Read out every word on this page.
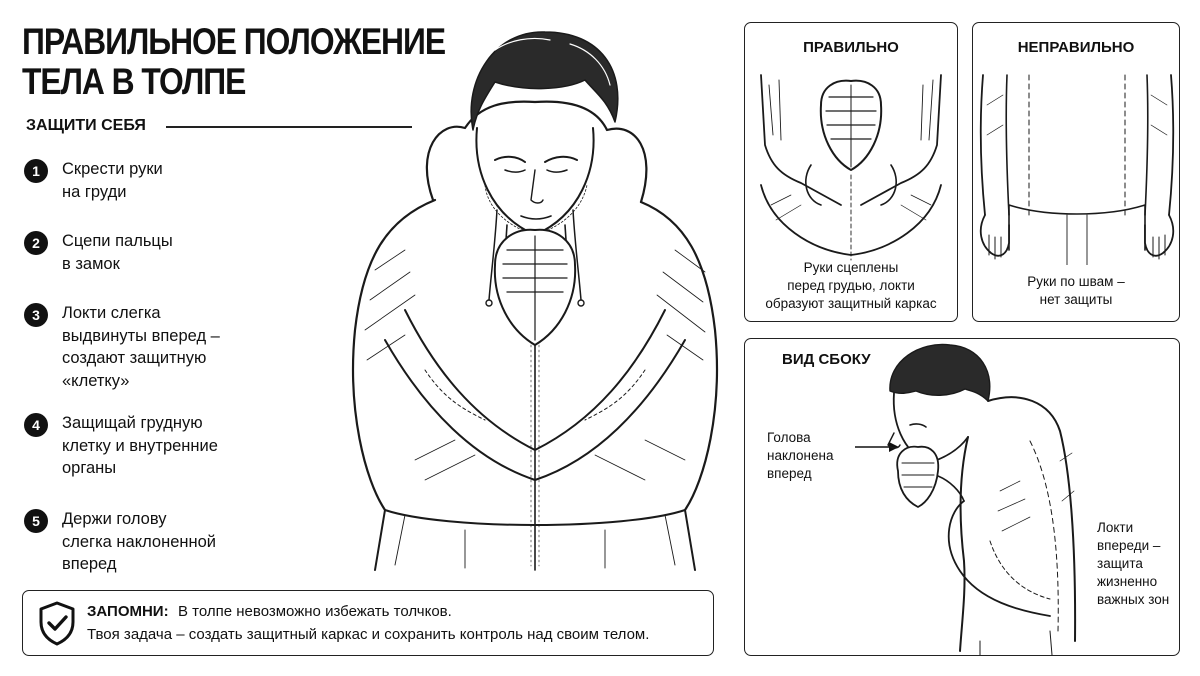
ПРАВИЛЬНОЕ ПОЛОЖЕНИЕ
ТЕЛА В ТОЛПЕ
ЗАЩИТИ СЕБЯ
1	Скрести руки
на груди
2	Сцепи пальцы
в замок
3	Локти слегка
выдвинуты вперед –
создают защитную
«клетку»
4	Защищай грудную
клетку и внутренние
органы
5	Держи голову
слегка наклоненной
вперед
ПРАВИЛЬНО
Руки сцеплены
перед грудью, локти
образуют защитный каркас
НЕПРАВИЛЬНО
Руки по швам –
нет защиты
ВИД СБОКУ
Голова
наклонена
вперед
Локти
впереди –
защита
жизненно
важных зон
ЗАПОМНИ: В толпе невозможно избежать толчков.
Твоя задача – создать защитный каркас и сохранить контроль над своим телом.
